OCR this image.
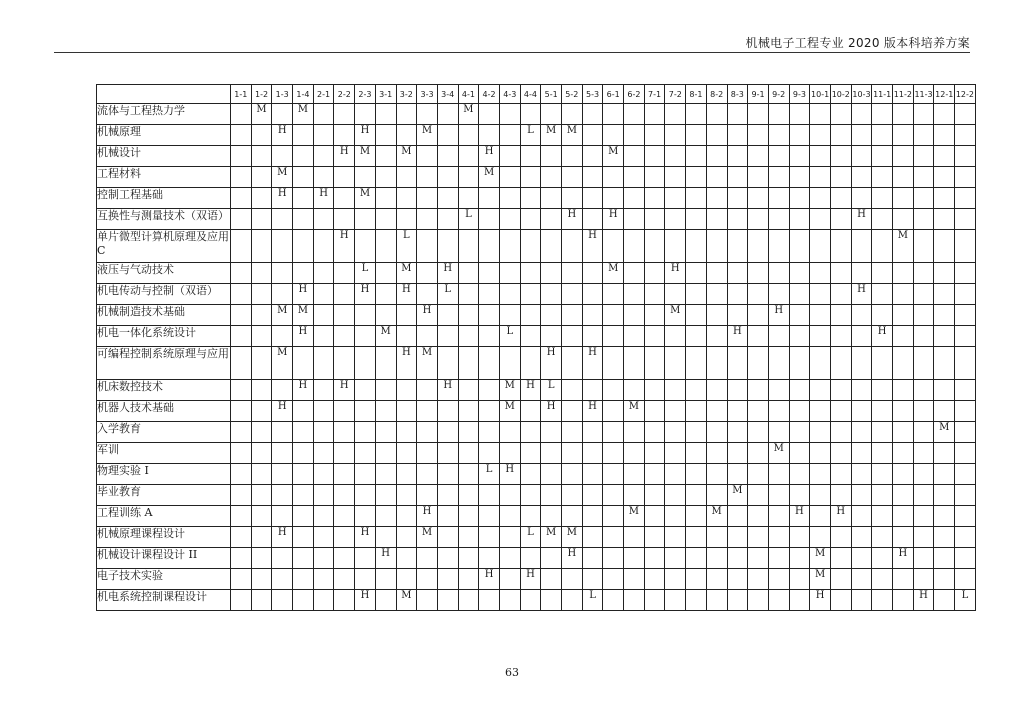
机械电子工程专业 2020 版本科培养方案
	1-1	1-2	1-3	1-4	2-1	2-2	2-3	3-1	3-2	3-3	3-4	4-1	4-2	4-3	4-4	5-1	5-2	5-3	6-1	6-2	7-1	7-2	8-1	8-2	8-3	9-1	9-2	9-3	10-1	10-2	10-3	11-1	11-2	11-3	12-1	12-2
流体与工程热力学		M		M								M																								
机械原理			H				H			M					L	M	M																			
机械设计						H	M		M				H						M																	
工程材料			M										M																							
控制工程基础			H		H		M																													
互换性与测量技术（双语）												L					H		H												H					
单片微型计算机原理及应用 C						H			L									H															M			
液压与气动技术							L		M		H								M			H														
机电传动与控制（双语）				H			H		H		L																				H					
机械制造技术基础			M	M						H												M					H									
机电一体化系统设计				H				M						L											H							H				
可编程控制系统原理与应用			M						H	M						H		H																		
机床数控技术				H		H					H			M	H	L																				
机器人技术基础			H											M		H		H		M																
入学教育																																			M	
军训																											M									
物理实验 I													L	H																						
毕业教育																									M											
工程训练 A										H										M				M				H		H						
机械原理课程设计			H				H			M					L	M	M																			
机械设计课程设计 II								H									H												M				H			
电子技术实验													H		H														M							
机电系统控制课程设计							H		M									L											H					H		L
63
